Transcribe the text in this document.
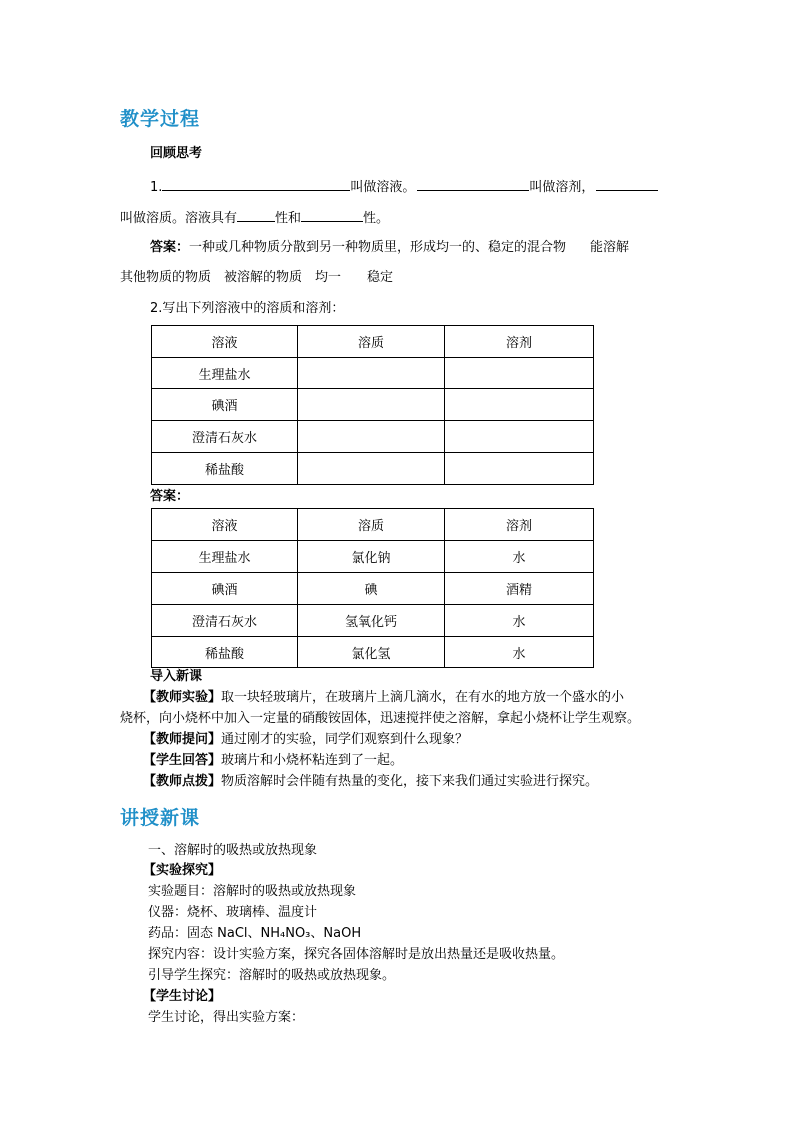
教学过程
回顾思考
1.	叫做溶液。	叫做溶剂，
叫做溶质。溶液具有	性和	性。
答案：一种或几种物质分散到另一种物质里，形成均一的、稳定的混合物 能溶解
其他物质的物质 被溶解的物质 均一 稳定
2.写出下列溶液中的溶质和溶剂：
溶液	溶质	溶剂
生理盐水		
碘酒		
澄清石灰水		
稀盐酸		
答案：
溶液	溶质	溶剂
生理盐水	氯化钠	水
碘酒	碘	酒精
澄清石灰水	氢氧化钙	水
稀盐酸	氯化氢	水
导入新课
【教师实验】取一块轻玻璃片，在玻璃片上滴几滴水，在有水的地方放一个盛水的小
烧杯，向小烧杯中加入一定量的硝酸铵固体，迅速搅拌使之溶解，拿起小烧杯让学生观察。
【教师提问】通过刚才的实验，同学们观察到什么现象？
【学生回答】玻璃片和小烧杯粘连到了一起。
【教师点拨】物质溶解时会伴随有热量的变化，接下来我们通过实验进行探究。
讲授新课
一、溶解时的吸热或放热现象
【实验探究】
实验题目：溶解时的吸热或放热现象
仪器：烧杯、玻璃棒、温度计
药品：固态 NaCl、NH₄NO₃、NaOH
探究内容：设计实验方案，探究各固体溶解时是放出热量还是吸收热量。
引导学生探究：溶解时的吸热或放热现象。
【学生讨论】
学生讨论，得出实验方案：
